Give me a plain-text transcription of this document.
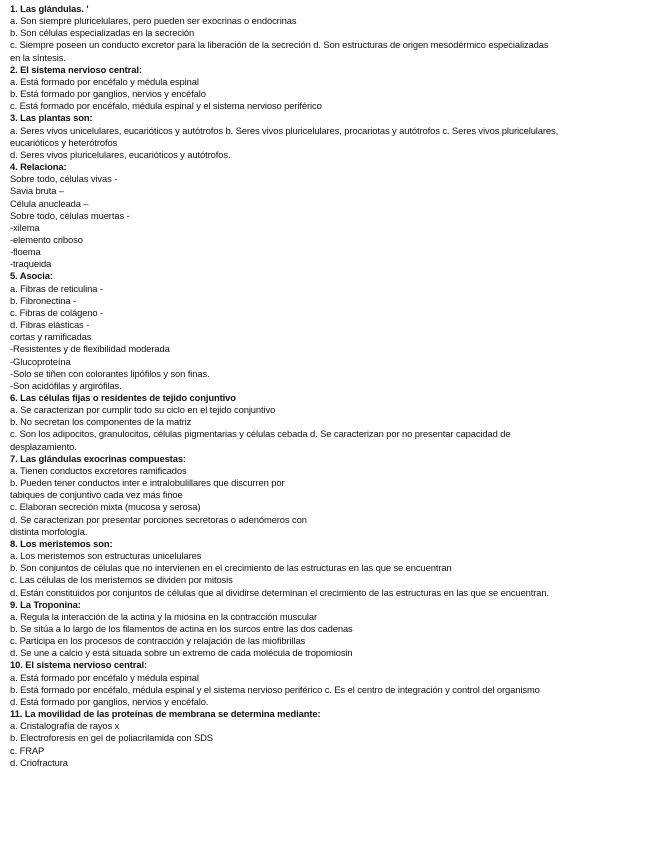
1. Las glándulas. '
a. Son siempre pluricelulares, pero pueden ser exocrinas o endocrinas
b. Son células especializadas en la secreción
c. Siempre poseen un conducto excretor para la liberación de la secreción d. Son estructuras de origen mesodérmico especializadas
en la síntesis.
2. El sistema nervioso central:
a. Está formado por encéfalo y médula espinal
b. Está formado por ganglios, nervios y encéfalo
c. Está formado por encéfalo, médula espinal y el sistema nervioso periférico
3. Las plantas son:
a. Seres vivos unicelulares, eucarióticos y autótrofos b. Seres vivos pluricelulares, procariotas y autótrofos c. Seres vivos pluricelulares,
eucarióticos y heterótrofos
d. Seres vivos pluricelulares, eucarióticos y autótrofos.
4. Relaciona:
Sobre todo, células vivas -
Savia bruta –
Célula anucleada –
Sobre todo, células muertas -
-xilema
-elemento criboso
-floema
-traqueida
5. Asocia:
a. Fibras de reticulina -
b. Fibronectina -
c. Fibras de colágeno -
d. Fibras elásticas -
cortas y ramificadas
-Resistentes y de flexibilidad moderada
-Glucoproteína
-Solo se tiñen con colorantes lipófilos y son finas.
-Son acidófilas y argirófilas.
6. Las células fijas o residentes de tejido conjuntivo
a. Se caracterizan por cumplir todo su ciclo en el tejido conjuntivo
b. No secretan los componentes de la matriz
c. Son los adipocitos, granulocitos, células pigmentarias y células cebada d. Se caracterizan por no presentar capacidad de
desplazamiento.
7. Las glándulas exocrinas compuestas:
a. Tienen conductos excretores ramificados
b. Pueden tener conductos inter e intralobulillares que discurren por
tabiques de conjuntivo cada vez más finoe
c. Elaboran secreción mixta (mucosa y serosa)
d. Se caracterizan por presentar porciones secretoras o adenómeros con
distinta morfología.
8. Los meristemos son:
a. Los meristemos son estructuras unicelulares
b. Son conjuntos de células que no intervienen en el crecimiento de las estructuras en las que se encuentran
c. Las células de los meristemos se dividen por mitosis
d. Están constituidos por conjuntos de células que al dividirse determinan el crecimiento de las estructuras en las que se encuentran.
9. La Troponina:
a. Regula la interacción de la actina y la miosina en la contracción muscular
b. Se sitúa a lo largo de los filamentos de actina en los surcos entre las dos cadenas
c. Participa en los procesos de contracción y relajación de las miofibrillas
d. Se une a calcio y está situada sobre un extremo de cada molécula de tropomiosin
10. El sistema nervioso central:
a. Está formado por encéfalo y médula espinal
b. Está formado por encéfalo, médula espinal y el sistema nervioso periférico c. Es el centro de integración y control del organismo
d. Está formado por ganglios, nervios y encéfalo.
11. La movilidad de las proteínas de membrana se determina mediante:
a. Cristalografía de rayos x
b. Electroforesis en gel de poliacrilamida con SDS
c. FRAP
d. Criofractura
